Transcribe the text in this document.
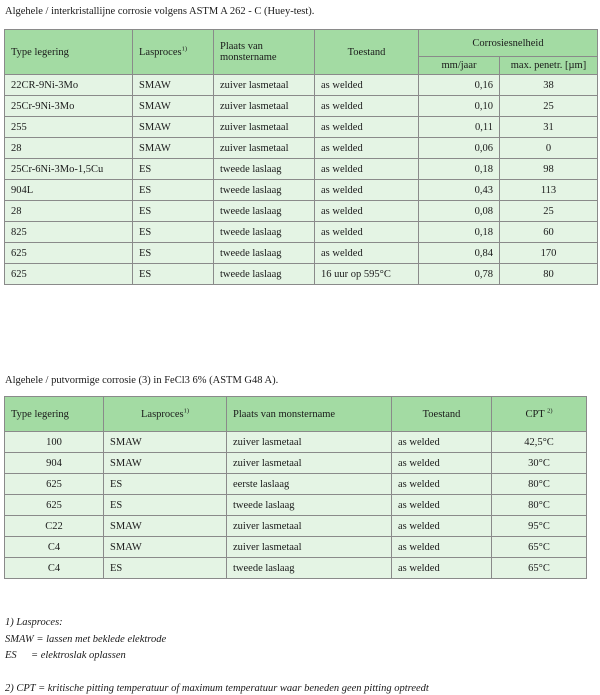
Algehele / interkristallijne corrosie volgens ASTM A 262 - C (Huey-test).
Type legering	Lasproces$^{1)}$	Plaats van monstername	Toestand	Corrosiesnelheid	
				mm/jaar	max. penetr. [µm]
22CR-9Ni-3Mo	SMAW	zuiver lasmetaal	as welded	0,16	38
25Cr-9Ni-3Mo	SMAW	zuiver lasmetaal	as welded	0,10	25
255	SMAW	zuiver lasmetaal	as welded	0,11	31
28	SMAW	zuiver lasmetaal	as welded	0,06	0
25Cr-6Ni-3Mo-1,5Cu	ES	tweede laslaag	as welded	0,18	98
904L	ES	tweede laslaag	as welded	0,43	113
28	ES	tweede laslaag	as welded	0,08	25
825	ES	tweede laslaag	as welded	0,18	60
625	ES	tweede laslaag	as welded	0,84	170
625	ES	tweede laslaag	16 uur op 595°C	0,78	80
Algehele / putvormige corrosie (3) in FeCl3 6% (ASTM G48 A).
Type legering	Lasproces$^{1)}$	Plaats van monstername	Toestand	CPT $^{2)}$
100	SMAW	zuiver lasmetaal	as welded	42,5°C
904	SMAW	zuiver lasmetaal	as welded	30°C
625	ES	eerste laslaag	as welded	80°C
625	ES	tweede laslaag	as welded	80°C
C22	SMAW	zuiver lasmetaal	as welded	95°C
C4	SMAW	zuiver lasmetaal	as welded	65°C
C4	ES	tweede laslaag	as welded	65°C
1) Lasproces:
SMAW = lassen met beklede elektrode
ES = elektroslak oplassen
2) CPT = kritische pitting temperatuur of maximum temperatuur waar beneden geen pitting optreedt
